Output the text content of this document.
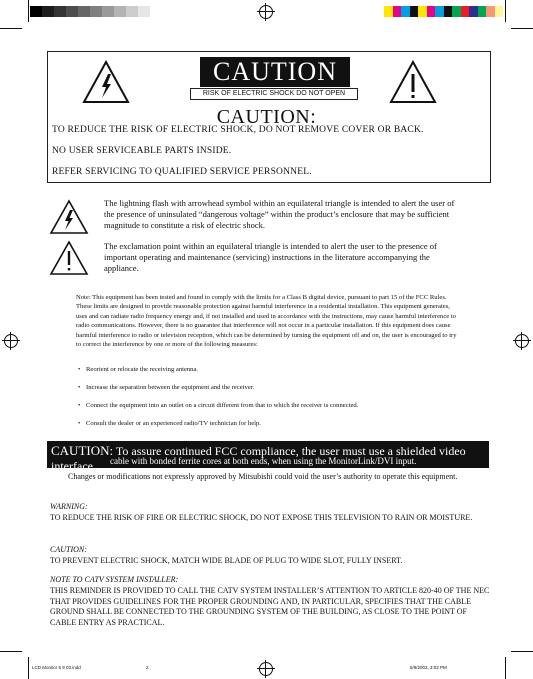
CAUTION
RISK OF ELECTRIC SHOCK DO NOT OPEN
CAUTION:
TO REDUCE THE RISK OF ELECTRIC SHOCK, DO NOT REMOVE COVER OR BACK.
NO USER SERVICEABLE PARTS INSIDE.
REFER SERVICING TO QUALIFIED SERVICE PERSONNEL.
The lightning flash with arrowhead symbol within an equilateral triangle is intended to alert the user of the presence of uninsulated “dangerous voltage” within the product’s enclosure that may be sufficient magnitude to constitute a risk of electric shock.
The exclamation point within an equilateral triangle is intended to alert the user to the presence of important operating and maintenance (servicing) instructions in the literature accompanying the appliance.
Note: This equipment has been tested and found to comply with the limits for a Class B digital device, pursuant to part 15 of the FCC Rules. These limits are designed to provide reasonable protection against harmful interference in a residential installation. This equipment generates, uses and can radiate radio frequency energy and, if not installed and used in accordance with the instructions, may cause harmful interference to radio communications. However, there is no guarantee that interference will not occur in a particular installation. If this equipment does cause harmful interference to radio or television reception, which can be determined by turning the equipment off and on, the user is encouraged to try to correct the interference by one or more of the following measures:
• Reorient or relocate the receiving antenna.
• Increase the separation between the equipment and the receiver.
• Connect the equipment into an outlet on a circuit different from that to which the receiver is connected.
• Consult the dealer or an experienced radio/TV technician for help.
CAUTION: To assure continued FCC compliance, the user must use a shielded video interface	cable with bonded ferrite cores at both ends, when using the MonitorLink/DVI input.
Changes or modifications not expressly approved by Mitsubishi could void the user’s authority to operate this equipment.
WARNING:
TO REDUCE THE RISK OF FIRE OR ELECTRIC SHOCK, DO NOT EXPOSE THIS TELEVISION TO RAIN OR MOISTURE.
CAUTION:
TO PREVENT ELECTRIC SHOCK, MATCH WIDE BLADE OF PLUG TO WIDE SLOT, FULLY INSERT.
NOTE TO CATV SYSTEM INSTALLER:
THIS REMINDER IS PROVIDED TO CALL THE CATV SYSTEM INSTALLER’S ATTENTION TO ARTICLE 820-40 OF THE NEC THAT PROVIDES GUIDELINES FOR THE PROPER GROUNDING AND, IN PARTICULAR, SPECIFIES THAT THE CABLE GROUND SHALL BE CONNECTED TO THE GROUNDING SYSTEM OF THE BUILDING, AS CLOSE TO THE POINT OF CABLE ENTRY AS PRACTICAL.
LCD Monitor 5 9 03.indd	2	5/9/2003, 3:02 PM
